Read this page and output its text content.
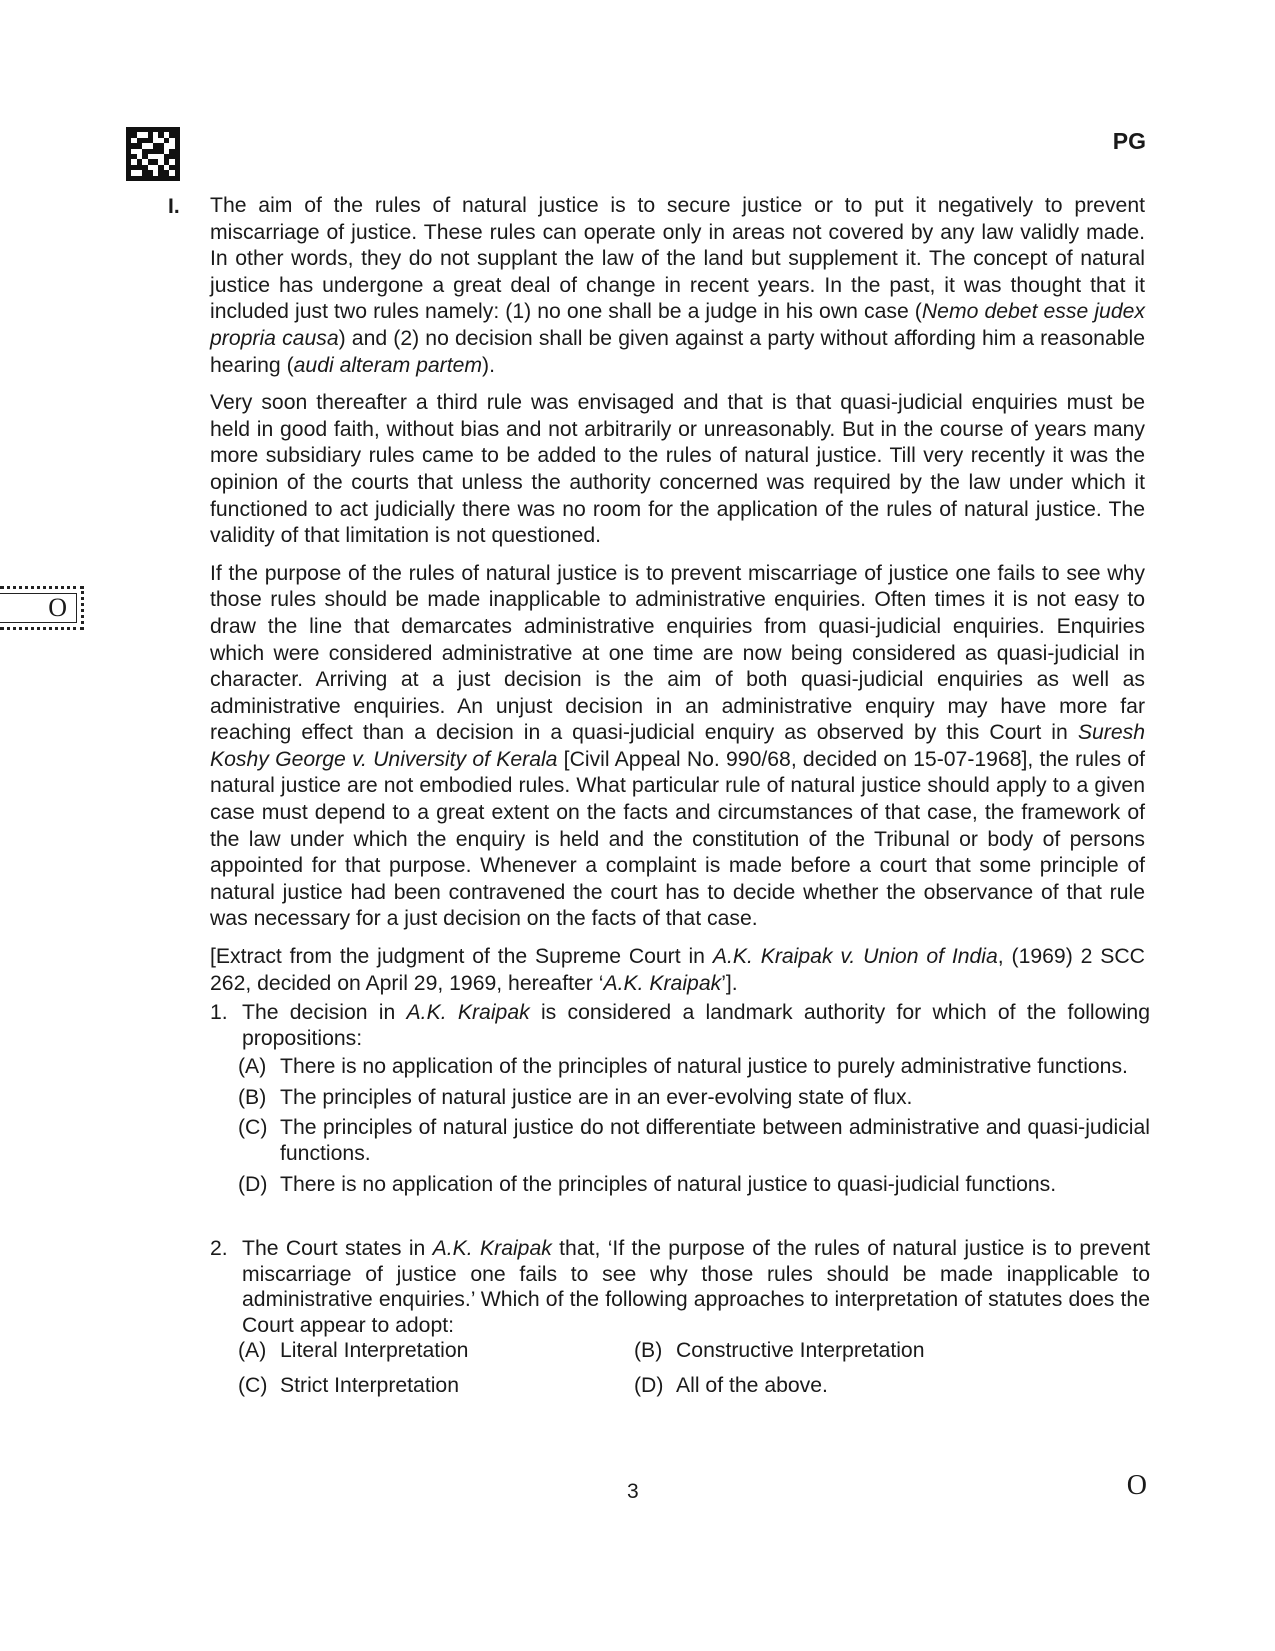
PG
O
I. The aim of the rules of natural justice is to secure justice or to put it negatively to prevent miscarriage of justice. These rules can operate only in areas not covered by any law validly made. In other words, they do not supplant the law of the land but supplement it. The concept of natural justice has undergone a great deal of change in recent years. In the past, it was thought that it included just two rules namely: (1) no one shall be a judge in his own case (Nemo debet esse judex propria causa) and (2) no decision shall be given against a party without affording him a reasonable hearing (audi alteram partem).

Very soon thereafter a third rule was envisaged and that is that quasi-judicial enquiries must be held in good faith, without bias and not arbitrarily or unreasonably. But in the course of years many more subsidiary rules came to be added to the rules of natural justice. Till very recently it was the opinion of the courts that unless the authority concerned was required by the law under which it functioned to act judicially there was no room for the application of the rules of natural justice. The validity of that limitation is not questioned.

If the purpose of the rules of natural justice is to prevent miscarriage of justice one fails to see why those rules should be made inapplicable to administrative enquiries. Often times it is not easy to draw the line that demarcates administrative enquiries from quasi-judicial enquiries. Enquiries which were considered administrative at one time are now being considered as quasi-judicial in character. Arriving at a just decision is the aim of both quasi-judicial enquiries as well as administrative enquiries. An unjust decision in an administrative enquiry may have more far reaching effect than a decision in a quasi-judicial enquiry as observed by this Court in Suresh Koshy George v. University of Kerala [Civil Appeal No. 990/68, decided on 15-07-1968], the rules of natural justice are not embodied rules. What particular rule of natural justice should apply to a given case must depend to a great extent on the facts and circumstances of that case, the framework of the law under which the enquiry is held and the constitution of the Tribunal or body of persons appointed for that purpose. Whenever a complaint is made before a court that some principle of natural justice had been contravened the court has to decide whether the observance of that rule was necessary for a just decision on the facts of that case.

[Extract from the judgment of the Supreme Court in A.K. Kraipak v. Union of India, (1969) 2 SCC 262, decided on April 29, 1969, hereafter ‘A.K. Kraipak’].

1. The decision in A.K. Kraipak is considered a landmark authority for which of the following propositions:
(A) There is no application of the principles of natural justice to purely administrative functions.
(B) The principles of natural justice are in an ever-evolving state of flux.
(C) The principles of natural justice do not differentiate between administrative and quasi-judicial functions.
(D) There is no application of the principles of natural justice to quasi-judicial functions.
2. The Court states in A.K. Kraipak that, ‘If the purpose of the rules of natural justice is to prevent miscarriage of justice one fails to see why those rules should be made inapplicable to administrative enquiries.’ Which of the following approaches to interpretation of statutes does the Court appear to adopt:
(A) Literal Interpretation	(B) Constructive Interpretation
(C) Strict Interpretation	(D) All of the above.
3	O
